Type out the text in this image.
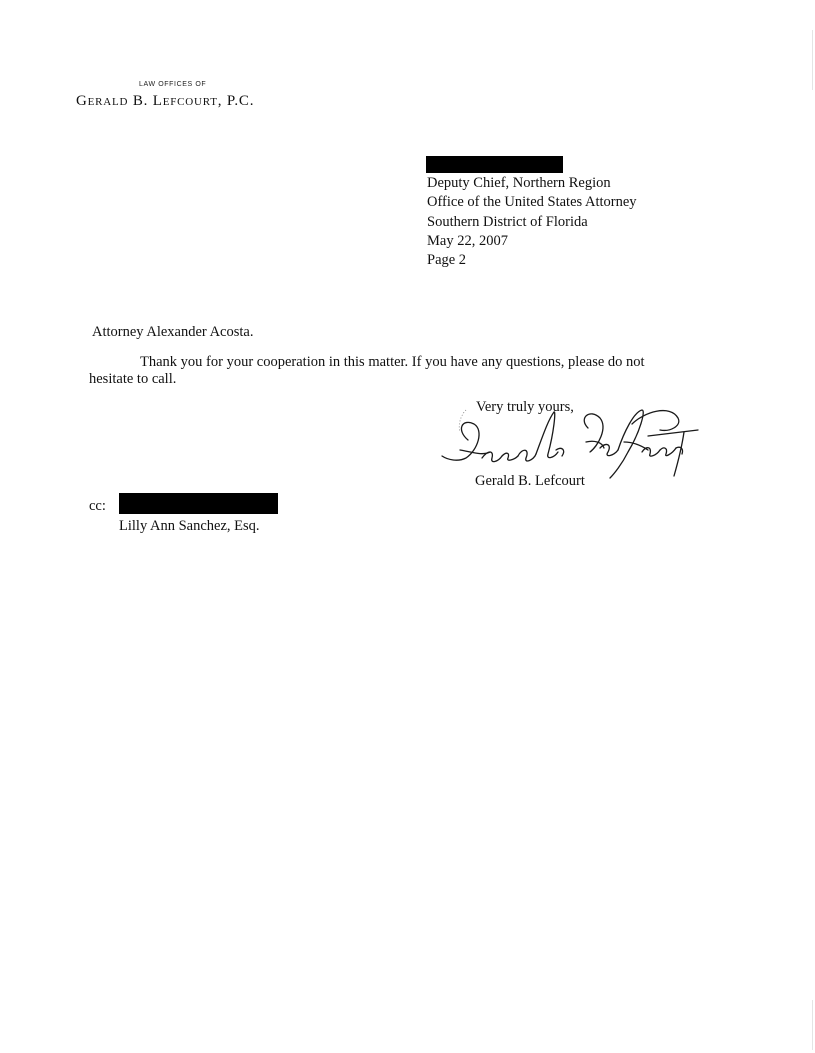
LAW OFFICES OF
Gerald B. Lefcourt, P.C.
Deputy Chief, Northern Region
Office of the United States Attorney
Southern District of Florida
May 22, 2007
Page 2
Attorney Alexander Acosta.
Thank you for your cooperation in this matter. If you have any questions, please do not
hesitate to call.
Very truly yours,
Gerald B. Lefcourt
cc:
Lilly Ann Sanchez, Esq.
